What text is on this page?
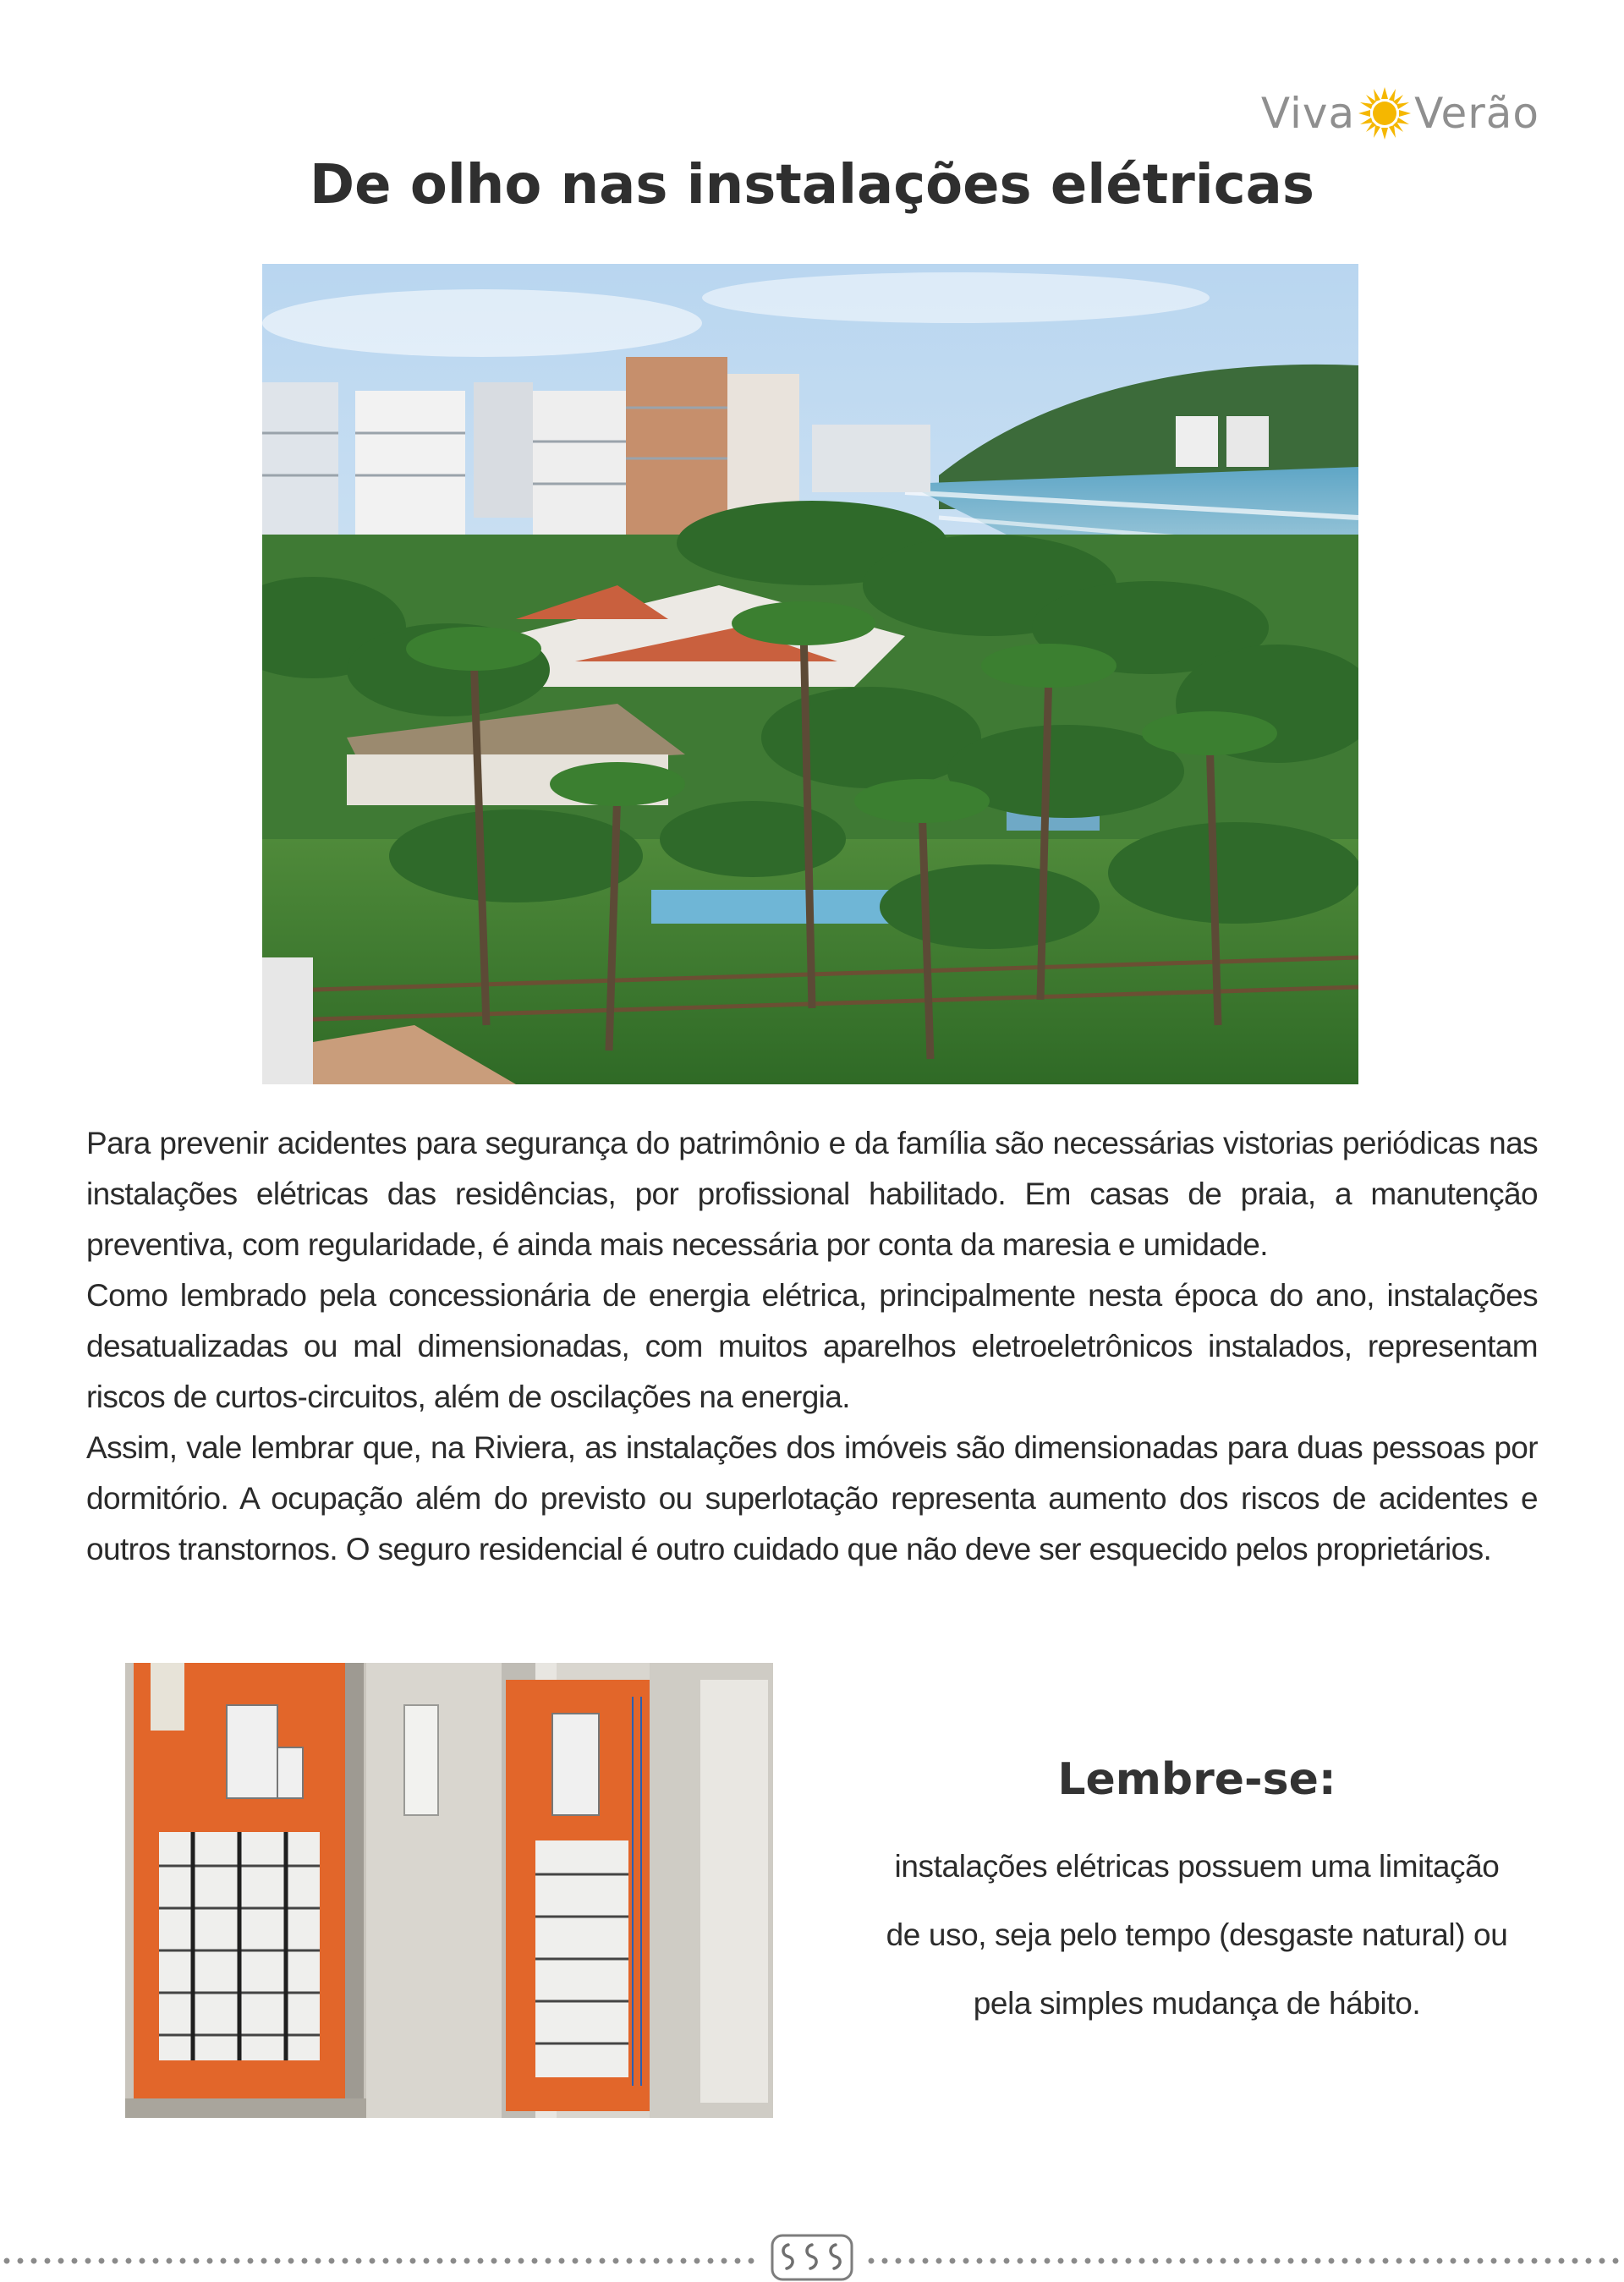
Viva Verão
De olho nas instalações elétricas

Para prevenir acidentes para segurança do patrimônio e da família são necessárias vistorias periódicas nas instalações elétricas das residências, por profissional habilitado. Em casas de praia, a manutenção preventiva, com regularidade, é ainda mais necessária por conta da maresia e umidade.

Como lembrado pela concessionária de energia elétrica, principalmente nesta época do ano, instalações desatualizadas ou mal dimensionadas, com muitos aparelhos eletroeletrônicos instalados, representam riscos de curtos-circuitos, além de oscilações na energia.

Assim, vale lembrar que, na Riviera, as instalações dos imóveis são dimensionadas para duas pessoas por dormitório. A ocupação além do previsto ou superlotação representa aumento dos riscos de acidentes e outros transtornos. O seguro residencial é outro cuidado que não deve ser esquecido pelos proprietários.

Lembre-se:
instalações elétricas possuem uma limitação
de uso, seja pelo tempo (desgaste natural) ou
pela simples mudança de hábito.
